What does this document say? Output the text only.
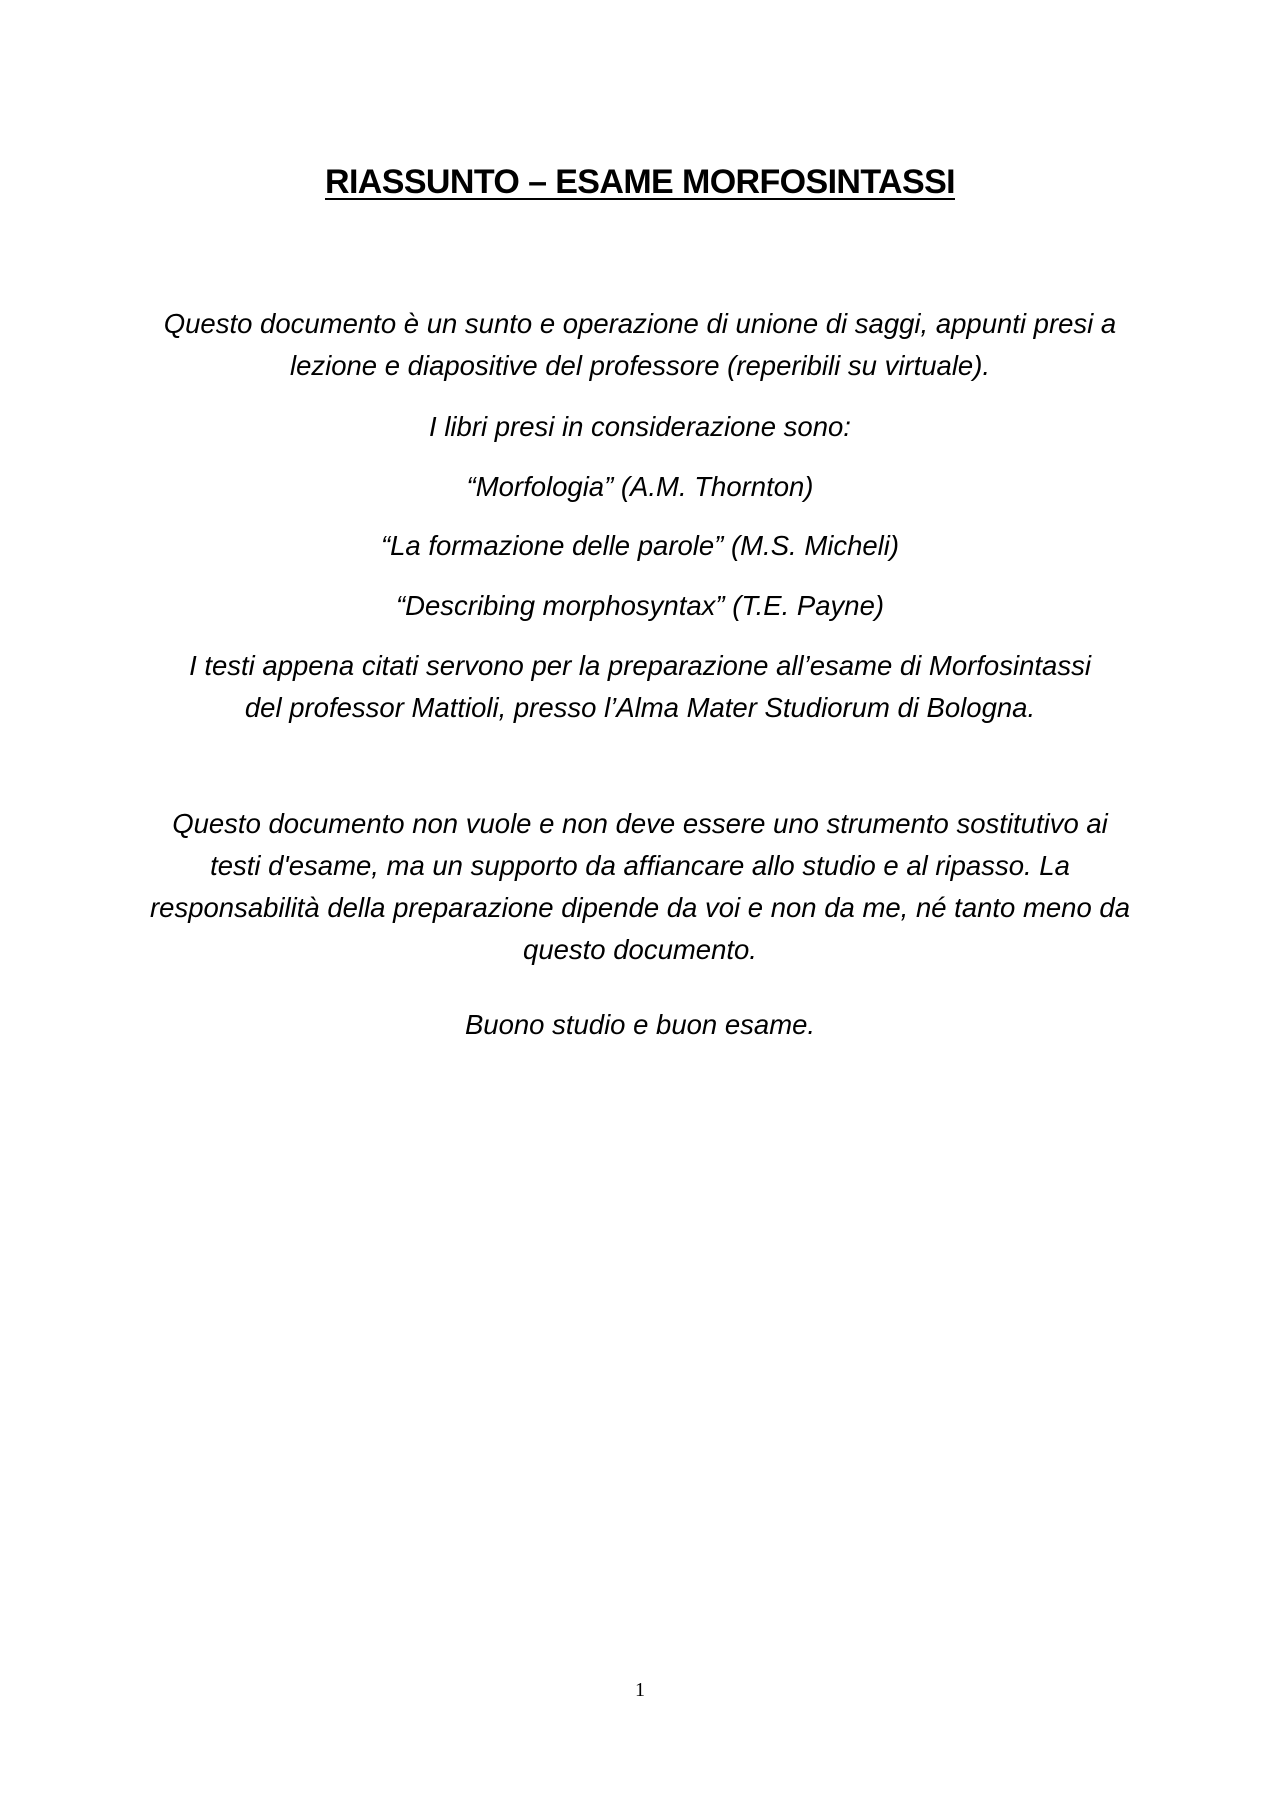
RIASSUNTO – ESAME MORFOSINTASSI

Questo documento è un sunto e operazione di unione di saggi, appunti presi a lezione e diapositive del professore (reperibili su virtuale).

I libri presi in considerazione sono:

“Morfologia” (A.M. Thornton)

“La formazione delle parole” (M.S. Micheli)

“Describing morphosyntax” (T.E. Payne)

I testi appena citati servono per la preparazione all’esame di Morfosintassi del professor Mattioli, presso l’Alma Mater Studiorum di Bologna.

Questo documento non vuole e non deve essere uno strumento sostitutivo ai testi d'esame, ma un supporto da affiancare allo studio e al ripasso. La responsabilità della preparazione dipende da voi e non da me, né tanto meno da questo documento.

Buono studio e buon esame.

1
